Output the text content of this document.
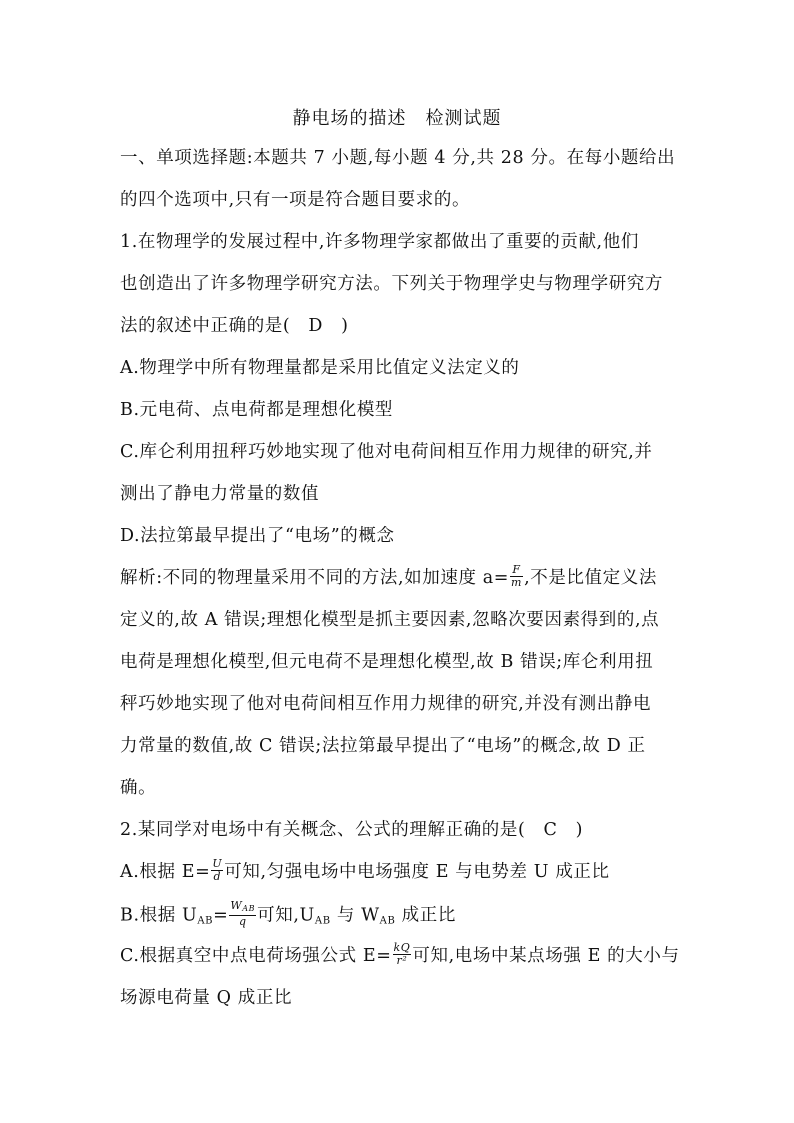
静电场的描述　检测试题
一、单项选择题:本题共 7 小题,每小题 4 分,共 28 分。在每小题给出
的四个选项中,只有一项是符合题目要求的。
1.在物理学的发展过程中,许多物理学家都做出了重要的贡献,他们
也创造出了许多物理学研究方法。下列关于物理学史与物理学研究方
法的叙述中正确的是(　D　)
A.物理学中所有物理量都是采用比值定义法定义的
B.元电荷、点电荷都是理想化模型
C.库仑利用扭秤巧妙地实现了他对电荷间相互作用力规律的研究,并
测出了静电力常量的数值
D.法拉第最早提出了“电场”的概念
解析:不同的物理量采用不同的方法,如加速度 $a= \frac{F}{m}$ ,不是比值定义法
定义的,故 A 错误;理想化模型是抓主要因素,忽略次要因素得到的,点
电荷是理想化模型,但元电荷不是理想化模型,故 B 错误;库仑利用扭
秤巧妙地实现了他对电荷间相互作用力规律的研究,并没有测出静电
力常量的数值,故 C 错误;法拉第最早提出了“电场”的概念,故 D 正
确。
2.某同学对电场中有关概念、公式的理解正确的是(　C　)
A.根据 $E= \frac{U}{d}$ 可知,匀强电场中电场强度 E 与电势差 U 成正比
B.根据 $U_{AB}= \frac{\text{WAB}}{q}$ 可知$,U_{AB}$ 与 $W_{AB}$ 成正比
C.根据真空中点电荷场强公式 $E= \frac{kQ}{\text{r²}}$ 可知,电场中某点场强 E 的大小与
场源电荷量 Q 成正比
